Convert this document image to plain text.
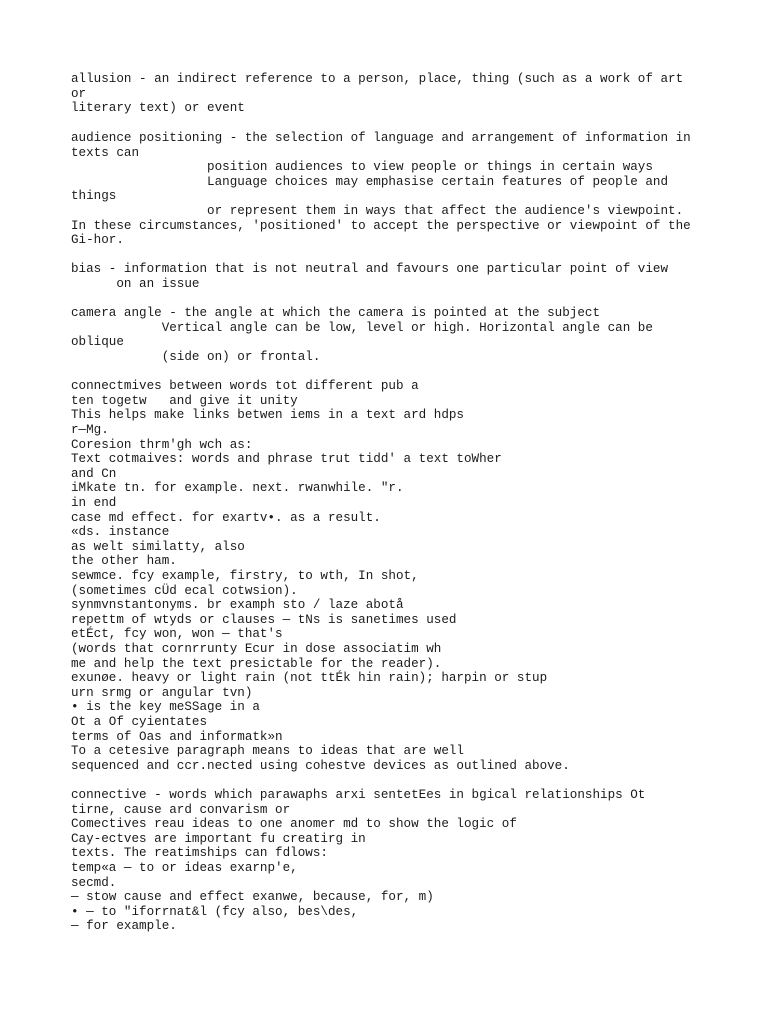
allusion - an indirect reference to a person, place, thing (such as a work of art

or

literary text) or event

audience positioning - the selection of language and arrangement of information in

texts can

position audiences to view people or things in certain ways

Language choices may emphasise certain features of people and

things

or represent them in ways that affect the audience's viewpoint.

In these circumstances, 'positioned' to accept the perspective or viewpoint of the

Gi-hor.

bias - information that is not neutral and favours one particular point of view

on an issue

camera angle - the angle at which the camera is pointed at the subject

Vertical angle can be low, level or high. Horizontal angle can be

oblique

(side on) or frontal.

connectmives between words tot different pub a

ten togetw   and give it unity

This helps make links betwen iems in a text ard hdps

r—Mg.

Coresion thrm'gh wch as:

Text cotmaives: words and phrase trut tidd' a text toWher

and Cn

iMkate tn. for example. next. rwanwhile. "r.

in end

case md effect. for exartv•. as a result.

«ds. instance

as welt similatty, also

the other ham.

sewmce. fcy example, firstry, to wth, In shot,

(sometimes cÜd ecal cotwsion).

synmvnstantonyms. br examph sto / laze abotå

repettm of wtyds or clauses — tNs is sanetimes used

etÉct, fcy won, won — that's

(words that cornrrunty Ecur in dose associatim wh

me and help the text presictable for the reader).

exunøe. heavy or light rain (not ttÉk hin rain); harpin or stup

urn srmg or angular tvn)

• is the key meSSage in a

Ot a Of cyientates

terms of Oas and informatk»n

To a cetesive paragraph means to ideas that are well

sequenced and ccr.nected using cohestve devices as outlined above.

connective - words which parawaphs arxi sentetEes in bgical relationships Ot

tirne, cause ard convarism or

Comectives reau ideas to one anomer md to show the logic of

Cay-ectves are important fu creatirg in

texts. The reatimships can fdlows:

temp«a — to or ideas exarnp'e,

secmd.

— stow cause and effect exanwe, because, for, m)

• — to "iforrnat&l (fcy also, bes\des,

— for example.
